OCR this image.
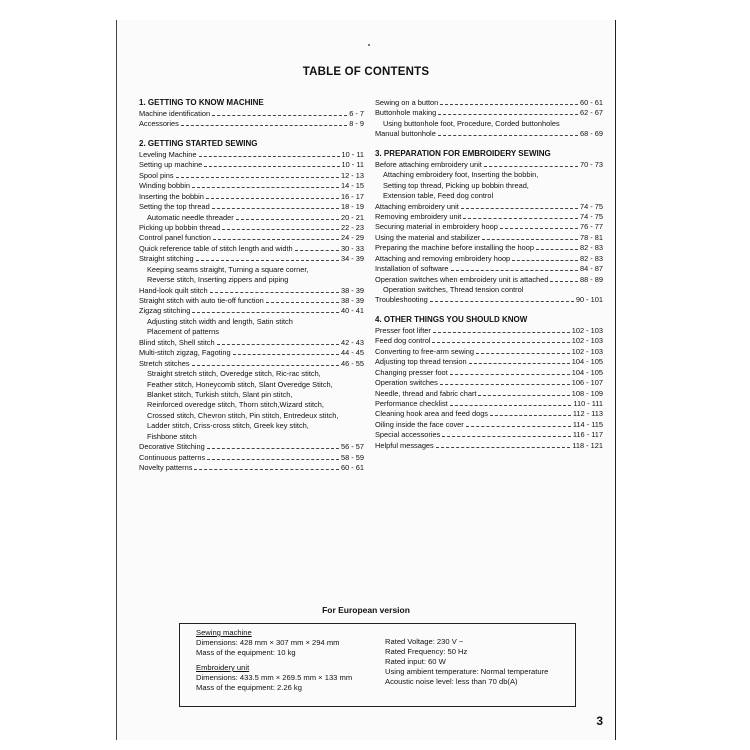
TABLE OF CONTENTS
1. GETTING TO KNOW MACHINE
Machine identification	6 - 7
Accessories	8 - 9
2. GETTING STARTED SEWING
Leveling Machine	10 - 11
Setting up machine	10 - 11
Spool pins	12 - 13
Winding bobbin	14 - 15
Inserting the bobbin	16 - 17
Setting the top thread	18 - 19
Automatic needle threader	20 - 21
Picking up bobbin thread	22 - 23
Control panel function	24 - 29
Quick reference table of stitch length and width	30 - 33
Straight stitching	34 - 39
Keeping seams straight, Turning a square corner,
Reverse stitch, Inserting zippers and piping
Hand-look quilt stitch	38 - 39
Straight stitch with auto tie-off function	38 - 39
Zigzag stitching	40 - 41
Adjusting stitch width and length, Satin stitch
Placement of patterns
Blind stitch, Shell stitch	42 - 43
Multi-stitch zigzag, Fagoting	44 - 45
Stretch stitches	46 - 55
Straight stretch stitch, Overedge stitch, Ric-rac stitch,
Feather stitch, Honeycomb stitch, Slant Overedge Stitch,
Blanket stitch, Turkish stitch, Slant pin stitch,
Reinforced overedge stitch, Thorn stitch,Wizard stitch,
Crossed stitch, Chevron stitch, Pin stitch, Entredeux stitch,
Ladder stitch, Criss-cross stitch, Greek key stitch,
Fishbone stitch
Decorative Stitching	56 - 57
Continuous patterns	58 - 59
Novelty patterns	60 - 61
Sewing on a button	60 - 61
Buttonhole making	62 - 67
Using buttonhole foot, Procedure, Corded buttonholes
Manual buttonhole	68 - 69
3. PREPARATION FOR EMBROIDERY SEWING
Before attaching embroidery unit	70 - 73
Attaching embroidery foot, Inserting the bobbin,
Setting top thread, Picking up bobbin thread,
Extension table, Feed dog control
Attaching embroidery unit	74 - 75
Removing embroidery unit	74 - 75
Securing material in embroidery hoop	76 - 77
Using the material and stabilizer	78 - 81
Preparing the machine before installing the hoop	82 - 83
Attaching and removing embroidery hoop	82 - 83
Installation of software	84 - 87
Operation switches when embroidery unit is attached	88 - 89
Operation switches, Thread tension control
Troubleshooting	90 - 101
4. OTHER THINGS YOU SHOULD KNOW
Presser foot lifter	102 - 103
Feed dog control	102 - 103
Converting to free-arm sewing	102 - 103
Adjusting top thread tension	104 - 105
Changing presser foot	104 - 105
Operation switches	106 - 107
Needle, thread and fabric chart	108 - 109
Performance checklist	110 - 111
Cleaning hook area and feed dogs	112 - 113
Oiling inside the face cover	114 - 115
Special accessories	116 - 117
Helpful messages	118 - 121
For European version
Sewing machine
Dimensions: 428 mm × 307 mm × 294 mm
Mass of the equipment: 10 kg
Embroidery unit
Dimensions: 433.5 mm × 269.5 mm × 133 mm
Mass of the equipment: 2.26 kg
Rated Voltage: 230 V ~
Rated Frequency: 50 Hz
Rated input: 60 W
Using ambient temperature: Normal temperature
Acoustic noise level: less than 70 db(A)
3
